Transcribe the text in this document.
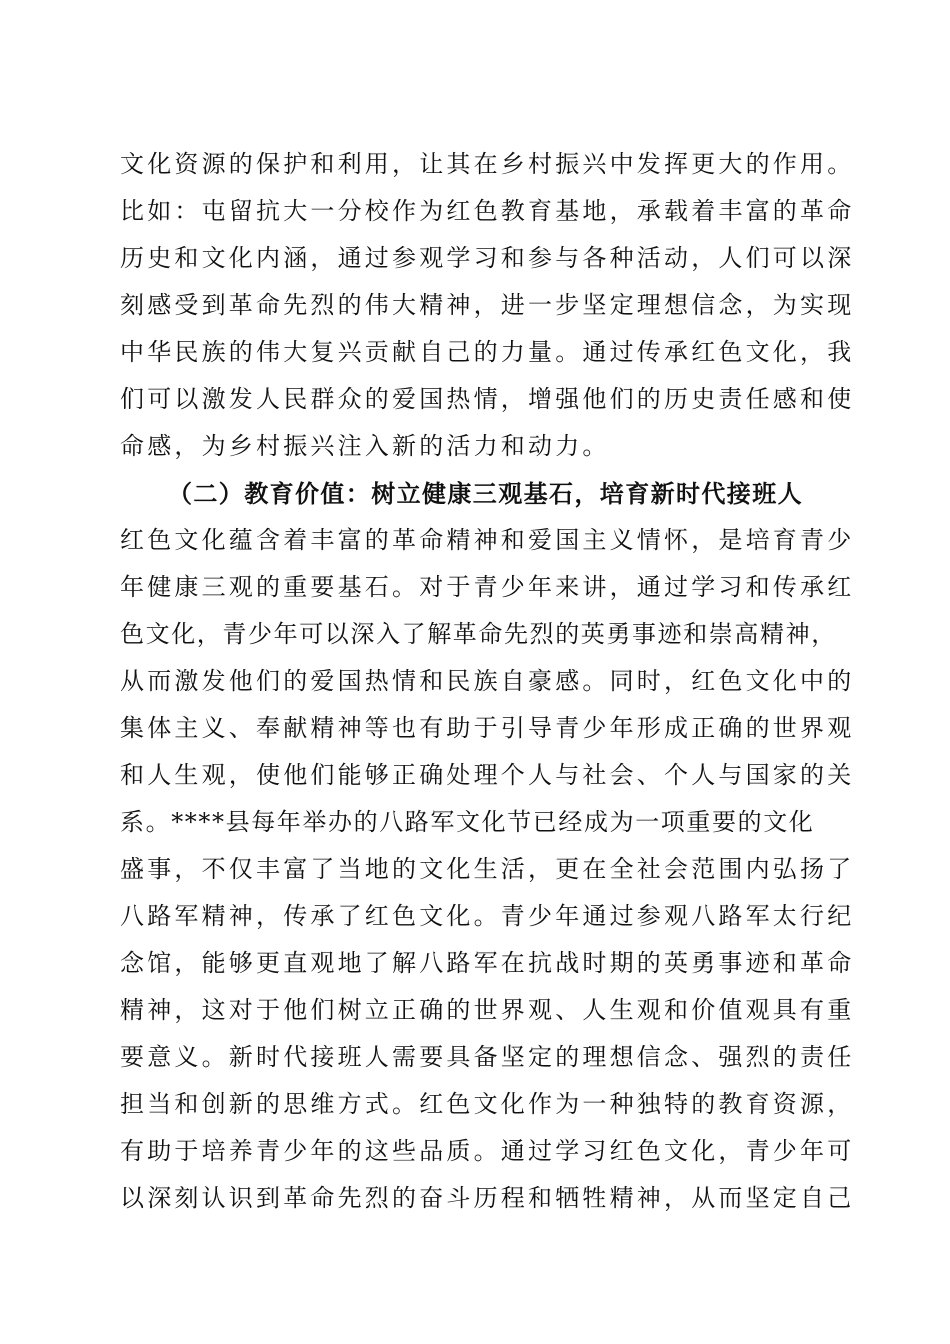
文化资源的保护和利用，让其在乡村振兴中发挥更大的作用。
比如：屯留抗大一分校作为红色教育基地，承载着丰富的革命
历史和文化内涵，通过参观学习和参与各种活动，人们可以深
刻感受到革命先烈的伟大精神，进一步坚定理想信念，为实现
中华民族的伟大复兴贡献自己的力量。通过传承红色文化，我
们可以激发人民群众的爱国热情，增强他们的历史责任感和使
命感，为乡村振兴注入新的活力和动力。
（二）教育价值：树立健康三观基石，培育新时代接班人
红色文化蕴含着丰富的革命精神和爱国主义情怀，是培育青少
年健康三观的重要基石。对于青少年来讲，通过学习和传承红
色文化，青少年可以深入了解革命先烈的英勇事迹和崇高精神，
从而激发他们的爱国热情和民族自豪感。同时，红色文化中的
集体主义、奉献精神等也有助于引导青少年形成正确的世界观
和人生观，使他们能够正确处理个人与社会、个人与国家的关
系。****县每年举办的八路军文化节已经成为一项重要的文化
盛事，不仅丰富了当地的文化生活，更在全社会范围内弘扬了
八路军精神，传承了红色文化。青少年通过参观八路军太行纪
念馆，能够更直观地了解八路军在抗战时期的英勇事迹和革命
精神，这对于他们树立正确的世界观、人生观和价值观具有重
要意义。新时代接班人需要具备坚定的理想信念、强烈的责任
担当和创新的思维方式。红色文化作为一种独特的教育资源，
有助于培养青少年的这些品质。通过学习红色文化，青少年可
以深刻认识到革命先烈的奋斗历程和牺牲精神，从而坚定自己
